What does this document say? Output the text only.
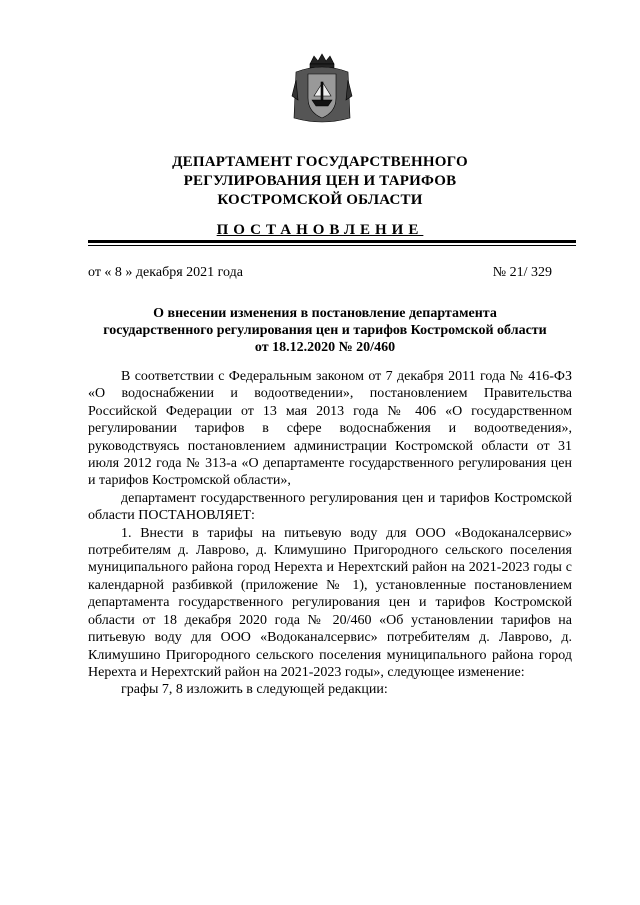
ДЕПАРТАМЕНТ ГОСУДАРСТВЕННОГО
РЕГУЛИРОВАНИЯ ЦЕН И ТАРИФОВ
КОСТРОМСКОЙ ОБЛАСТИ
ПОСТАНОВЛЕНИЕ
от « 8 » декабря 2021 года	№ 21/ 329
О внесении изменения в постановление департамента
государственного регулирования цен и тарифов Костромской области
от 18.12.2020 № 20/460

В соответствии с Федеральным законом от 7 декабря 2011 года № 416-ФЗ «О водоснабжении и водоотведении», постановлением Правительства Российской Федерации от 13 мая 2013 года № 406 «О государственном регулировании тарифов в сфере водоснабжения и водоотведения», руководствуясь постановлением администрации Костромской области от 31 июля 2012 года № 313-а «О департаменте государственного регулирования цен и тарифов Костромской области»,

департамент государственного регулирования цен и тарифов Костромской области ПОСТАНОВЛЯЕТ:

1. Внести в тарифы на питьевую воду для ООО «Водоканалсервис» потребителям д. Лаврово, д. Климушино Пригородного сельского поселения муниципального района город Нерехта и Нерехтский район на 2021-2023 годы с календарной разбивкой (приложение № 1), установленные постановлением департамента государственного регулирования цен и тарифов Костромской области от 18 декабря 2020 года № 20/460 «Об установлении тарифов на питьевую воду для ООО «Водоканалсервис» потребителям д. Лаврово, д. Климушино Пригородного сельского поселения муниципального района город Нерехта и Нерехтский район на 2021-2023 годы», следующее изменение:

графы 7, 8 изложить в следующей редакции:
